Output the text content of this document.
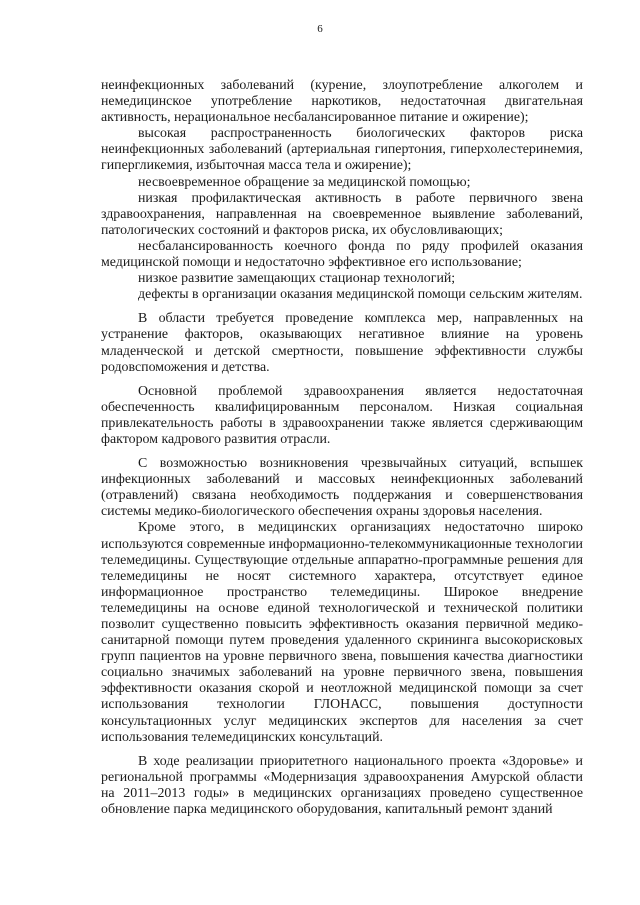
6

неинфекционных заболеваний (курение, злоупотребление алкоголем и немедицинское употребление наркотиков, недостаточная двигательная активность, нерациональное несбалансированное питание и ожирение);

высокая распространенность биологических факторов риска неинфекционных заболеваний (артериальная гипертония, гиперхолестеринемия, гипергликемия, избыточная масса тела и ожирение);

несвоевременное обращение за медицинской помощью;

низкая профилактическая активность в работе первичного звена здравоохранения, направленная на своевременное выявление заболеваний, патологических состояний и факторов риска, их обусловливающих;

несбалансированность коечного фонда по ряду профилей оказания медицинской помощи и недостаточно эффективное его использование;

низкое развитие замещающих стационар технологий;

дефекты в организации оказания медицинской помощи сельским жителям.

В области требуется проведение комплекса мер, направленных на устранение факторов, оказывающих негативное влияние на уровень младенческой и детской смертности, повышение эффективности службы родовспоможения и детства.

Основной проблемой здравоохранения является недостаточная обеспеченность квалифицированным персоналом. Низкая социальная привлекательность работы в здравоохранении также является сдерживающим фактором кадрового развития отрасли.

С возможностью возникновения чрезвычайных ситуаций, вспышек инфекционных заболеваний и массовых неинфекционных заболеваний (отравлений) связана необходимость поддержания и совершенствования системы медико-биологического обеспечения охраны здоровья населения.

Кроме этого, в медицинских организациях недостаточно широко используются современные информационно-телекоммуникационные технологии телемедицины. Существующие отдельные аппаратно-программные решения для телемедицины не носят системного характера, отсутствует единое информационное пространство телемедицины. Широкое внедрение телемедицины на основе единой технологической и технической политики позволит существенно повысить эффективность оказания первичной медико-санитарной помощи путем проведения удаленного скрининга высокорисковых групп пациентов на уровне первичного звена, повышения качества диагностики социально значимых заболеваний на уровне первичного звена, повышения эффективности оказания скорой и неотложной медицинской помощи за счет использования технологии ГЛОНАСС, повышения доступности консультационных услуг медицинских экспертов для населения за счет использования телемедицинских консультаций.

В ходе реализации приоритетного национального проекта «Здоровье» и региональной программы «Модернизация здравоохранения Амурской области на 2011–2013 годы» в медицинских организациях проведено существенное обновление парка медицинского оборудования, капитальный ремонт зданий
